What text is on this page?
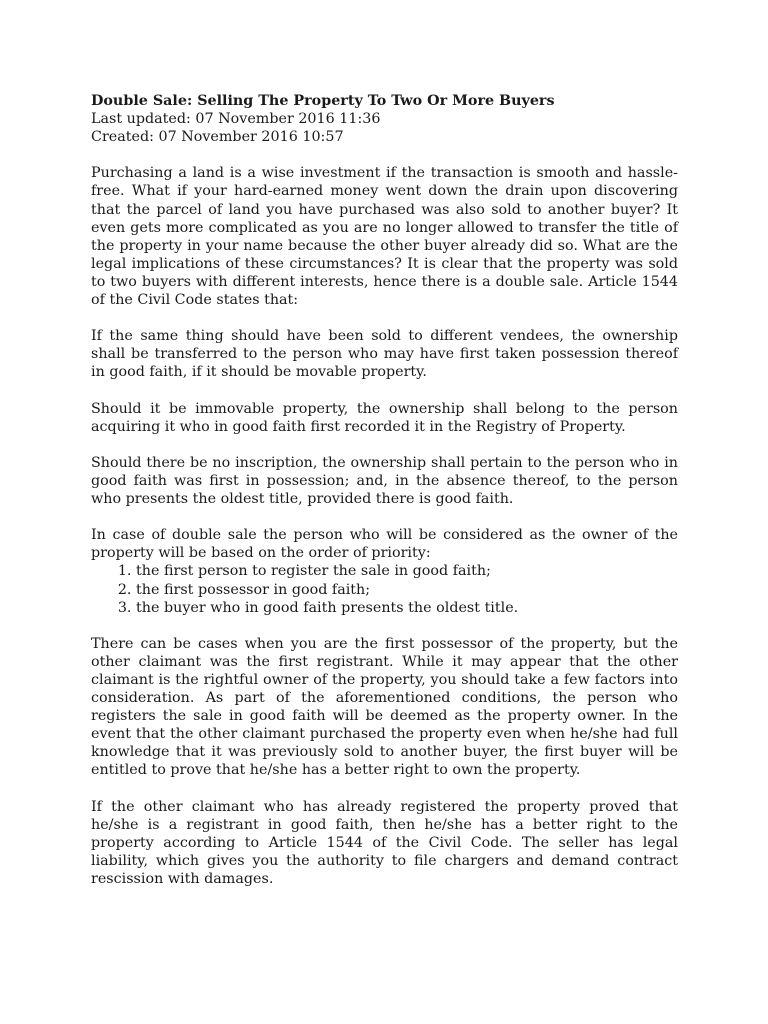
Double Sale: Selling The Property To Two Or More Buyers

Last updated: 07 November 2016 11:36

Created: 07 November 2016 10:57

Purchasing a land is a wise investment if the transaction is smooth and hassle-free. What if your hard-earned money went down the drain upon discovering that the parcel of land you have purchased was also sold to another buyer? It even gets more complicated as you are no longer allowed to transfer the title of the property in your name because the other buyer already did so. What are the legal implications of these circumstances? It is clear that the property was sold to two buyers with different interests, hence there is a double sale. Article 1544 of the Civil Code states that:

If the same thing should have been sold to different vendees, the ownership shall be transferred to the person who may have first taken possession thereof in good faith, if it should be movable property.

Should it be immovable property, the ownership shall belong to the person acquiring it who in good faith first recorded it in the Registry of Property.

Should there be no inscription, the ownership shall pertain to the person who in good faith was first in possession; and, in the absence thereof, to the person who presents the oldest title, provided there is good faith.

In case of double sale the person who will be considered as the owner of the property will be based on the order of priority:

1. the first person to register the sale in good faith;
2. the first possessor in good faith;
3. the buyer who in good faith presents the oldest title.

There can be cases when you are the first possessor of the property, but the other claimant was the first registrant. While it may appear that the other claimant is the rightful owner of the property, you should take a few factors into consideration. As part of the aforementioned conditions, the person who registers the sale in good faith will be deemed as the property owner. In the event that the other claimant purchased the property even when he/she had full knowledge that it was previously sold to another buyer, the first buyer will be entitled to prove that he/she has a better right to own the property.

If the other claimant who has already registered the property proved that he/she is a registrant in good faith, then he/she has a better right to the property according to Article 1544 of the Civil Code. The seller has legal liability, which gives you the authority to file chargers and demand contract rescission with damages.
